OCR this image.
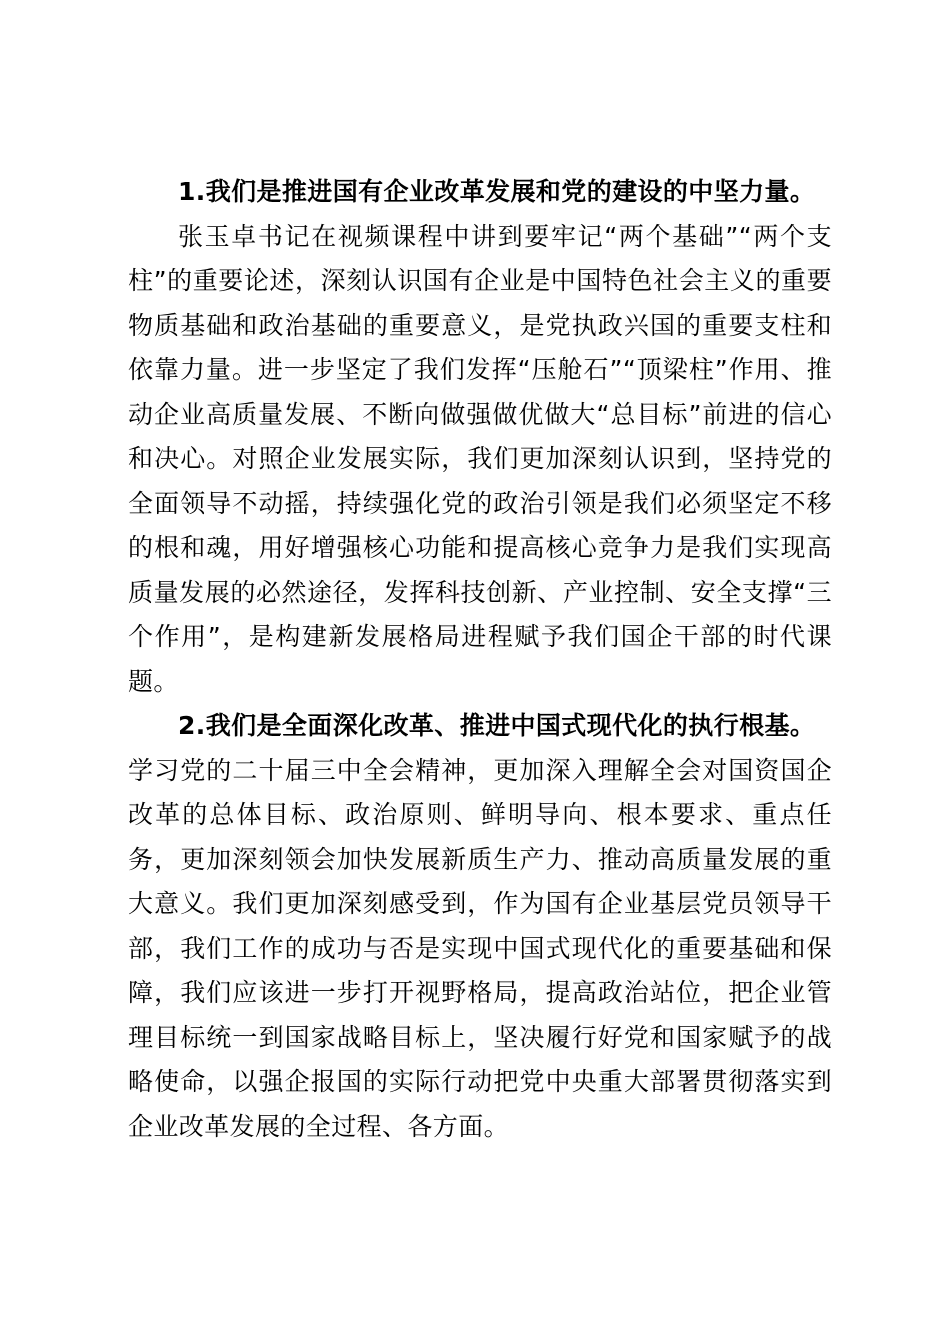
1.我们是推进国有企业改革发展和党的建设的中坚力量。

张玉卓书记在视频课程中讲到要牢记“两个基础”“两个支柱”的重要论述，深刻认识国有企业是中国特色社会主义的重要物质基础和政治基础的重要意义，是党执政兴国的重要支柱和依靠力量。进一步坚定了我们发挥“压舱石”“顶梁柱”作用、推动企业高质量发展、不断向做强做优做大“总目标”前进的信心和决心。对照企业发展实际，我们更加深刻认识到，坚持党的全面领导不动摇，持续强化党的政治引领是我们必须坚定不移的根和魂，用好增强核心功能和提高核心竞争力是我们实现高质量发展的必然途径，发挥科技创新、产业控制、安全支撑“三个作用”，是构建新发展格局进程赋予我们国企干部的时代课题。

2.我们是全面深化改革、推进中国式现代化的执行根基。

学习党的二十届三中全会精神，更加深入理解全会对国资国企改革的总体目标、政治原则、鲜明导向、根本要求、重点任务，更加深刻领会加快发展新质生产力、推动高质量发展的重大意义。我们更加深刻感受到，作为国有企业基层党员领导干部，我们工作的成功与否是实现中国式现代化的重要基础和保障，我们应该进一步打开视野格局，提高政治站位，把企业管理目标统一到国家战略目标上，坚决履行好党和国家赋予的战略使命，以强企报国的实际行动把党中央重大部署贯彻落实到企业改革发展的全过程、各方面。
